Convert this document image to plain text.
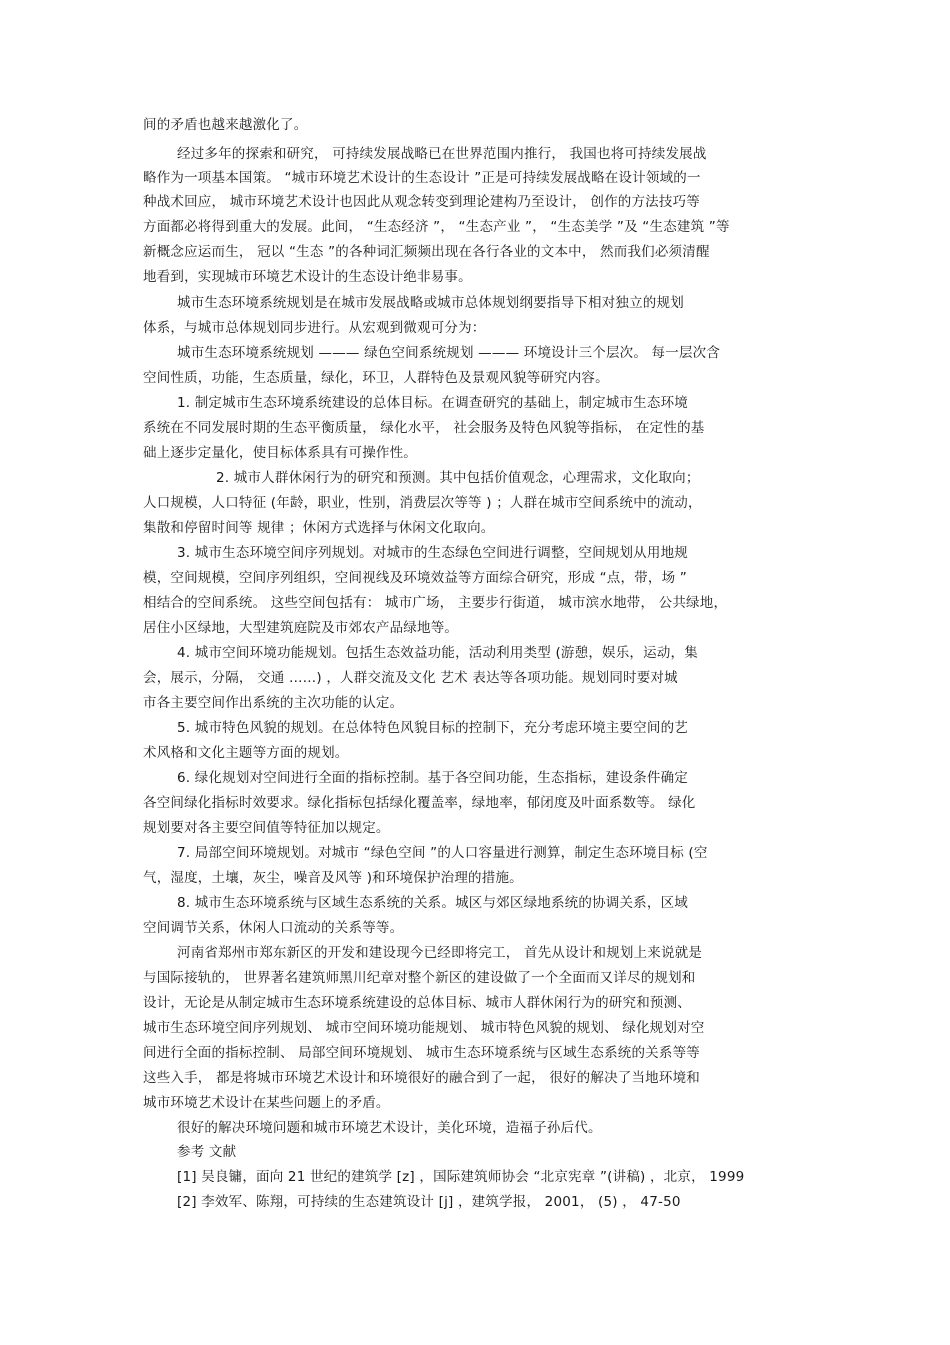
间的矛盾也越来越激化了。
经过多年的探索和研究， 可持续发展战略已在世界范围内推行， 我国也将可持续发展战
略作为一项基本国策。 “城市环境艺术设计的生态设计 ”正是可持续发展战略在设计领域的一
种战术回应， 城市环境艺术设计也因此从观念转变到理论建构乃至设计， 创作的方法技巧等
方面都必将得到重大的发展。此间， “生态经济 ”， “生态产业 ”， “生态美学 ”及 “生态建筑 ”等
新概念应运而生， 冠以 “生态 ”的各种词汇频频出现在各行各业的文本中， 然而我们必须清醒
地看到，实现城市环境艺术设计的生态设计绝非易事。
城市生态环境系统规划是在城市发展战略或城市总体规划纲要指导下相对独立的规划
体系，与城市总体规划同步进行。从宏观到微观可分为：
城市生态环境系统规划 ——— 绿色空间系统规划 ——— 环境设计三个层次。 每一层次含
空间性质，功能，生态质量，绿化，环卫，人群特色及景观风貌等研究内容。
1. 制定城市生态环境系统建设的总体目标。在调查研究的基础上，制定城市生态环境
系统在不同发展时期的生态平衡质量， 绿化水平， 社会服务及特色风貌等指标， 在定性的基
础上逐步定量化，使目标体系具有可操作性。
2. 城市人群休闲行为的研究和预测。其中包括价值观念，心理需求，文化取向；
人口规模，人口特征 (年龄，职业，性别，消费层次等等 ) ；人群在城市空间系统中的流动，
集散和停留时间等 规律 ；休闲方式选择与休闲文化取向。
3. 城市生态环境空间序列规划。对城市的生态绿色空间进行调整，空间规划从用地规
模，空间规模，空间序列组织，空间视线及环境效益等方面综合研究，形成 “点，带，场 ”
相结合的空间系统。 这些空间包括有： 城市广场， 主要步行街道， 城市滨水地带， 公共绿地，
居住小区绿地，大型建筑庭院及市郊农产品绿地等。
4. 城市空间环境功能规划。包括生态效益功能，活动利用类型 (游憩，娱乐，运动，集
会，展示，分隔， 交通 ……) ，人群交流及文化 艺术 表达等各项功能。规划同时要对城
市各主要空间作出系统的主次功能的认定。
5. 城市特色风貌的规划。在总体特色风貌目标的控制下，充分考虑环境主要空间的艺
术风格和文化主题等方面的规划。
6. 绿化规划对空间进行全面的指标控制。基于各空间功能，生态指标，建设条件确定
各空间绿化指标时效要求。绿化指标包括绿化覆盖率，绿地率，郁闭度及叶面系数等。 绿化
规划要对各主要空间值等特征加以规定。
7. 局部空间环境规划。对城市 “绿色空间 ”的人口容量进行测算，制定生态环境目标 (空
气，湿度，土壤，灰尘，噪音及风等 )和环境保护治理的措施。
8. 城市生态环境系统与区域生态系统的关系。城区与郊区绿地系统的协调关系，区域
空间调节关系，休闲人口流动的关系等等。
河南省郑州市郑东新区的开发和建设现今已经即将完工， 首先从设计和规划上来说就是
与国际接轨的， 世界著名建筑师黑川纪章对整个新区的建设做了一个全面而又详尽的规划和
设计，无论是从制定城市生态环境系统建设的总体目标、城市人群休闲行为的研究和预测、
城市生态环境空间序列规划、 城市空间环境功能规划、 城市特色风貌的规划、 绿化规划对空
间进行全面的指标控制、 局部空间环境规划、 城市生态环境系统与区域生态系统的关系等等
这些入手， 都是将城市环境艺术设计和环境很好的融合到了一起， 很好的解决了当地环境和
城市环境艺术设计在某些问题上的矛盾。
很好的解决环境问题和城市环境艺术设计，美化环境，造福子孙后代。
参考 文献
[1] 吴良镛，面向 21 世纪的建筑学 [z] ，国际建筑师协会 “北京宪章 ”(讲稿) ，北京， 1999
[2] 李效军、陈翔，可持续的生态建筑设计 [j] ，建筑学报， 2001， (5) ， 47-50
